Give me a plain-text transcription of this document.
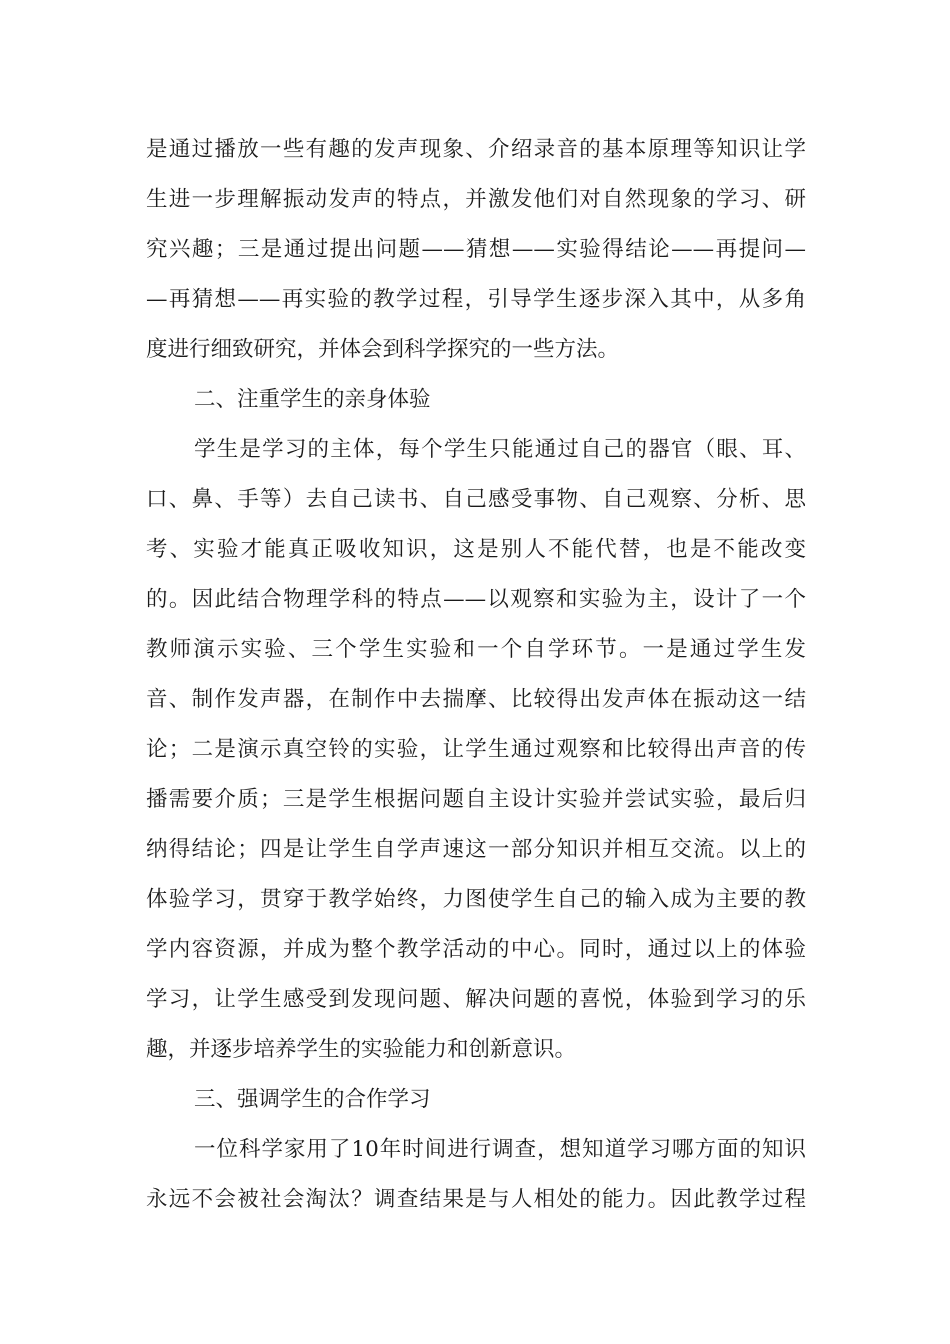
是通过播放一些有趣的发声现象、介绍录音的基本原理等知识让学
生进一步理解振动发声的特点，并激发他们对自然现象的学习、研
究兴趣；三是通过提出问题——猜想——实验得结论——再提问—
—再猜想——再实验的教学过程，引导学生逐步深入其中，从多角
度进行细致研究，并体会到科学探究的一些方法。
二、注重学生的亲身体验
学生是学习的主体，每个学生只能通过自己的器官（眼、耳、
口、鼻、手等）去自己读书、自己感受事物、自己观察、分析、思
考、实验才能真正吸收知识，这是别人不能代替，也是不能改变
的。因此结合物理学科的特点——以观察和实验为主，设计了一个
教师演示实验、三个学生实验和一个自学环节。一是通过学生发
音、制作发声器，在制作中去揣摩、比较得出发声体在振动这一结
论；二是演示真空铃的实验，让学生通过观察和比较得出声音的传
播需要介质；三是学生根据问题自主设计实验并尝试实验，最后归
纳得结论；四是让学生自学声速这一部分知识并相互交流。以上的
体验学习，贯穿于教学始终，力图使学生自己的输入成为主要的教
学内容资源，并成为整个教学活动的中心。同时，通过以上的体验
学习，让学生感受到发现问题、解决问题的喜悦，体验到学习的乐
趣，并逐步培养学生的实验能力和创新意识。
三、强调学生的合作学习
一位科学家用了10年时间进行调查，想知道学习哪方面的知识
永远不会被社会淘汰？调查结果是与人相处的能力。因此教学过程
